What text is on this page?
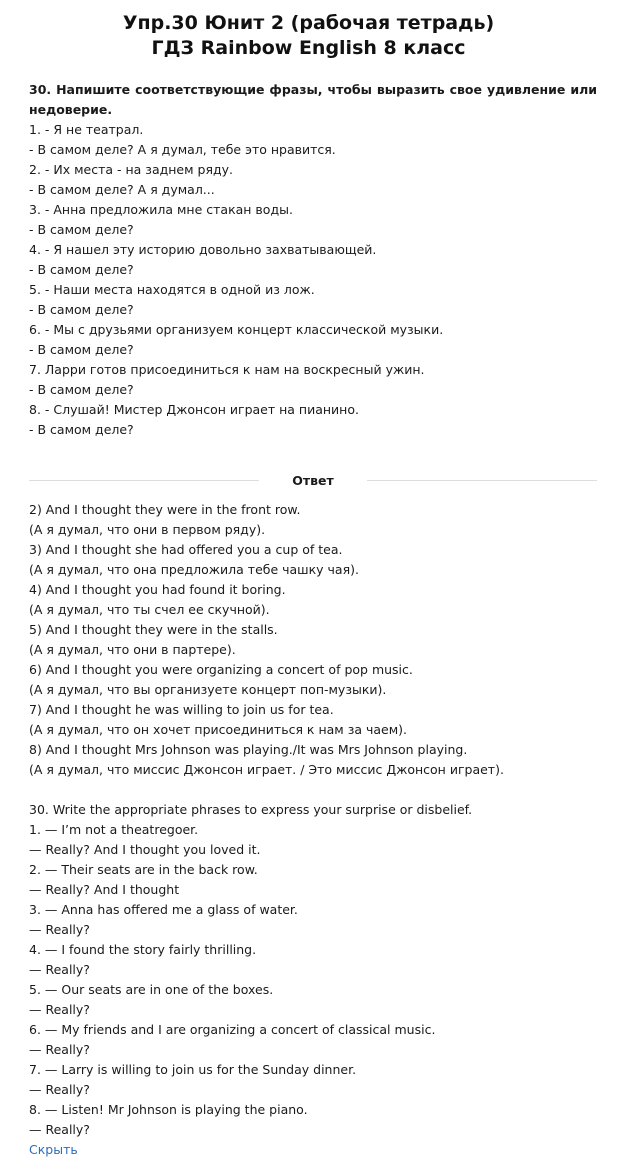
Упр.30 Юнит 2 (рабочая тетрадь)
ГДЗ Rainbow English 8 класс
30. Напишите соответствующие фразы, чтобы выразить свое удивление или недоверие.
1. - Я не театрал.
- В самом деле? А я думал, тебе это нравится.
2. - Их места - на заднем ряду.
- В самом деле? А я думал...
3. - Анна предложила мне стакан воды.
- В самом деле?
4. - Я нашел эту историю довольно захватывающей.
- В самом деле?
5. - Наши места находятся в одной из лож.
- В самом деле?
6. - Мы с друзьями организуем концерт классической музыки.
- В самом деле?
7. Ларри готов присоединиться к нам на воскресный ужин.
- В самом деле?
8. - Слушай! Мистер Джонсон играет на пианино.
- В самом деле?
Ответ
2) And I thought they were in the front row.
(А я думал, что они в первом ряду).
3) And I thought she had offered you a cup of tea.
(А я думал, что она предложила тебе чашку чая).
4) And I thought you had found it boring.
(А я думал, что ты счел ее скучной).
5) And I thought they were in the stalls.
(А я думал, что они в партере).
6) And I thought you were organizing a concert of pop music.
(А я думал, что вы организуете концерт поп-музыки).
7) And I thought he was willing to join us for tea.
(А я думал, что он хочет присоединиться к нам за чаем).
8) And I thought Mrs Johnson was playing./It was Mrs Johnson playing.
(А я думал, что миссис Джонсон играет. / Это миссис Джонсон играет).
30. Write the appropriate phrases to express your surprise or disbelief.
1. — I’m not a theatregoer.
— Really? And I thought you loved it.
2. — Their seats are in the back row.
— Really? And I thought
3. — Anna has offered me a glass of water.
— Really?
4. — I found the story fairly thrilling.
— Really?
5. — Our seats are in one of the boxes.
— Really?
6. — My friends and I are organizing a concert of classical music.
— Really?
7. — Larry is willing to join us for the Sunday dinner.
— Really?
8. — Listen! Mr Johnson is playing the piano.
— Really?
Скрыть
